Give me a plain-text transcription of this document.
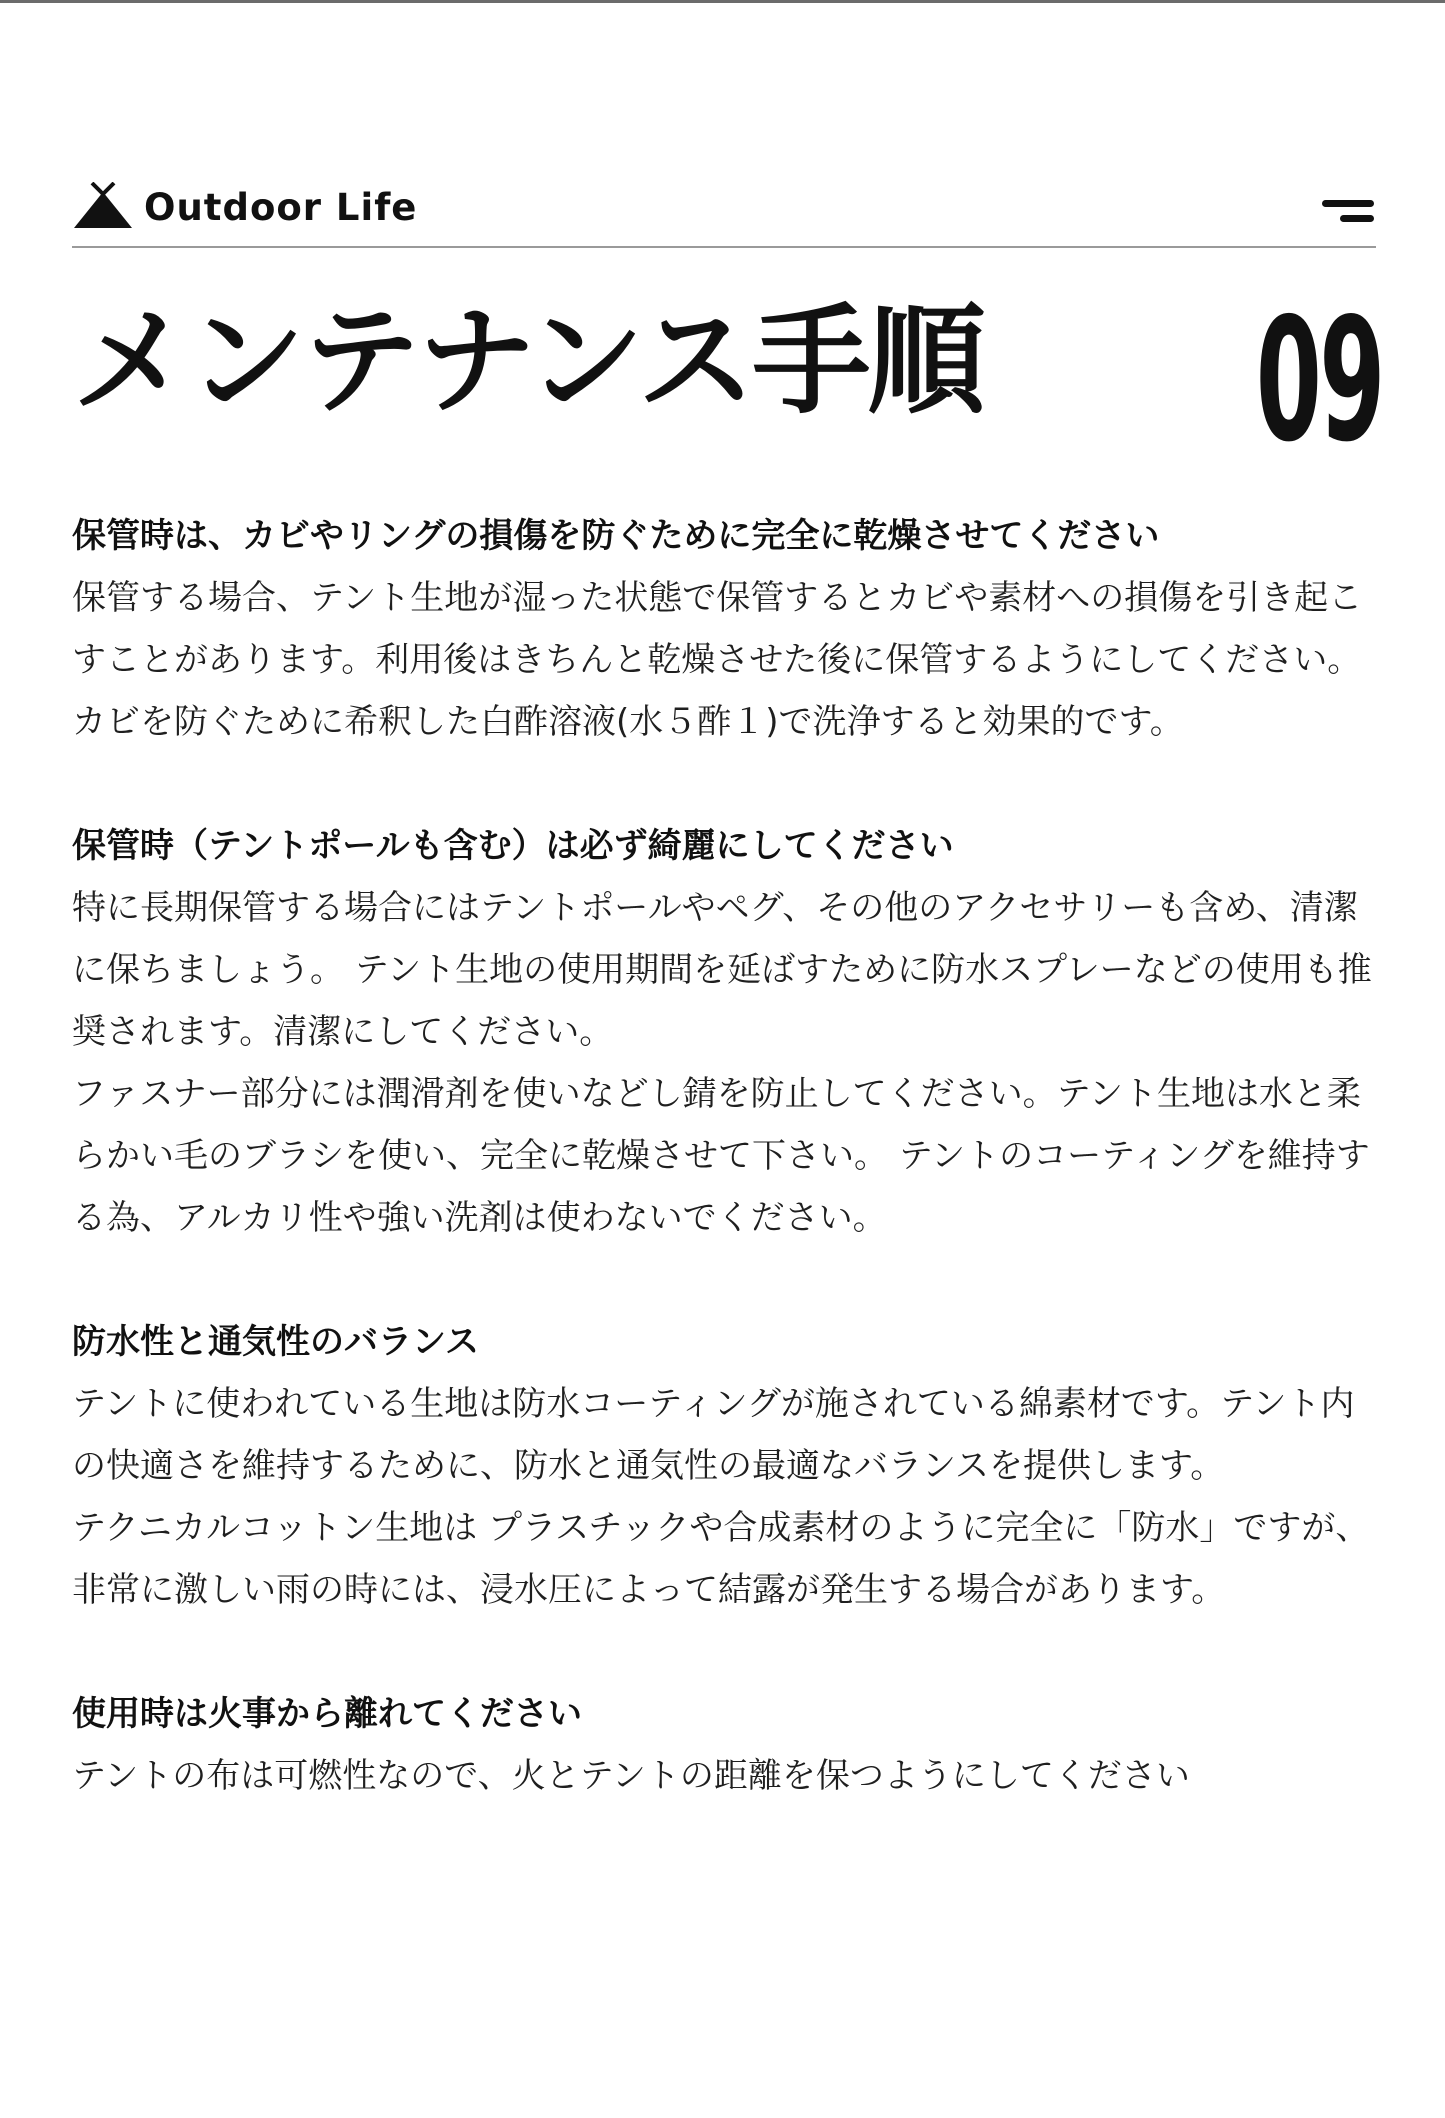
Outdoor Life
メンテナンス手順 09
保管時は、カビやリングの損傷を防ぐために完全に乾燥させてください

保管する場合、テント生地が湿った状態で保管するとカビや素材への損傷を引き起こすことがあります。利用後はきちんと乾燥させた後に保管するようにしてください。

カビを防ぐために希釈した白酢溶液(水５酢１)で洗浄すると効果的です。

保管時（テントポールも含む）は必ず綺麗にしてください

特に長期保管する場合にはテントポールやペグ、その他のアクセサリーも含め、清潔に保ちましょう。 テント生地の使用期間を延ばすために防水スプレーなどの使用も推奨されます。清潔にしてください。

ファスナー部分には潤滑剤を使いなどし錆を防止してください。テント生地は水と柔らかい毛のブラシを使い、完全に乾燥させて下さい。 テントのコーティングを維持する為、アルカリ性や強い洗剤は使わないでください。

防水性と通気性のバランス

テントに使われている生地は防水コーティングが施されている綿素材です。テント内の快適さを維持するために、防水と通気性の最適なバランスを提供します。

テクニカルコットン生地は プラスチックや合成素材のように完全に「防水」ですが、非常に激しい雨の時には、浸水圧によって結露が発生する場合があります。

使用時は火事から離れてください

テントの布は可燃性なので、火とテントの距離を保つようにしてください
